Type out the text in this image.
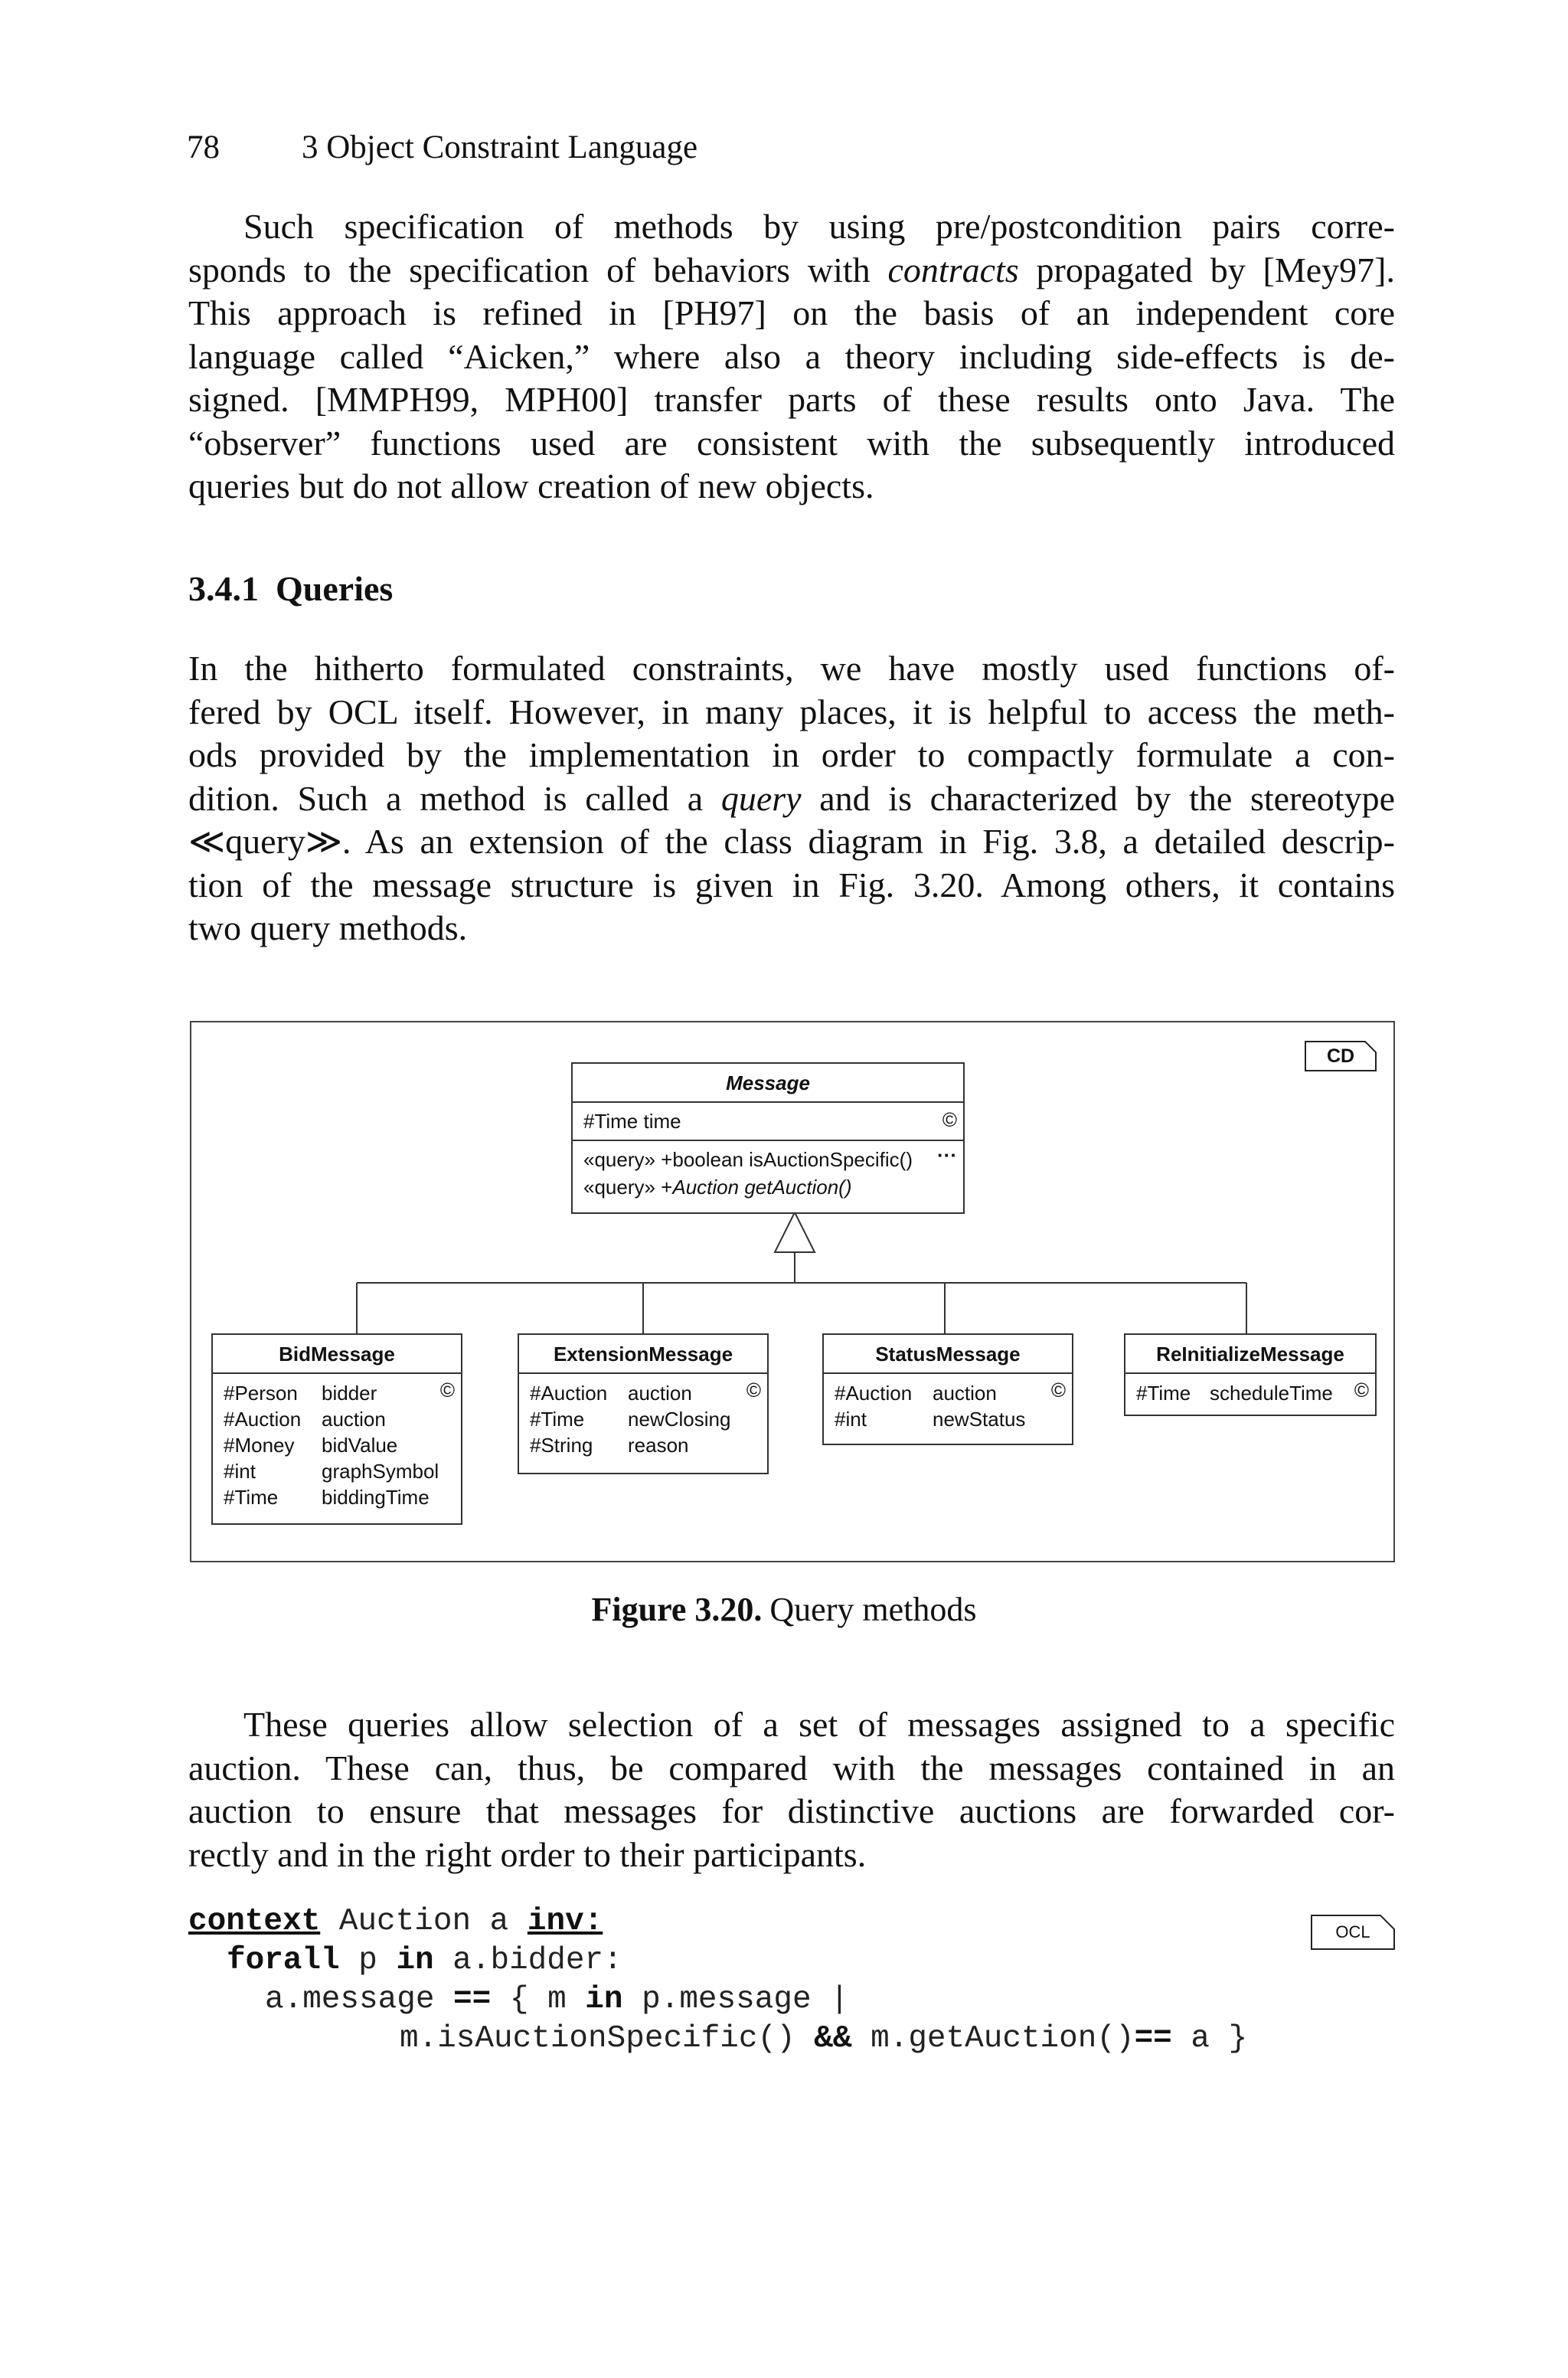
78 3 Object Constraint Language
Such specification of methods by using pre/postcondition pairs corre-
sponds to the specification of behaviors with contracts propagated by [Mey97].
This approach is refined in [PH97] on the basis of an independent core
language called “Aicken,” where also a theory including side-effects is de-
signed. [MMPH99, MPH00] transfer parts of these results onto Java. The
“observer” functions used are consistent with the subsequently introduced
queries but do not allow creation of new objects.
3.4.1 Queries
In the hitherto formulated constraints, we have mostly used functions of-
fered by OCL itself. However, in many places, it is helpful to access the meth-
ods provided by the implementation in order to compactly formulate a con-
dition. Such a method is called a query and is characterized by the stereotype
≪query≫. As an extension of the class diagram in Fig. 3.8, a detailed descrip-
tion of the message structure is given in Fig. 3.20. Among others, it contains
two query methods.
CD
Message
#Time time	©
«query» +boolean isAuctionSpecific() ···
«query» +Auction getAuction()
BidMessage
©
#Person bidder
#Auction auction
#Money bidValue
#int	graphSymbol
#Time biddingTime
ExtensionMessage
©
#Auction auction
#Time newClosing
#String reason
StatusMessage
©
#Auction auction
#int	newStatus
ReInitializeMessage
©
#Time scheduleTime
Figure 3.20. Query methods
These queries allow selection of a set of messages assigned to a specific
auction. These can, thus, be compared with the messages contained in an
auction to ensure that messages for distinctive auctions are forwarded cor-
rectly and in the right order to their participants.
OCL
context Auction a inv:
forall p in a.bidder:
a.message == { m in p.message |
m.isAuctionSpecific() && m.getAuction()== a }
